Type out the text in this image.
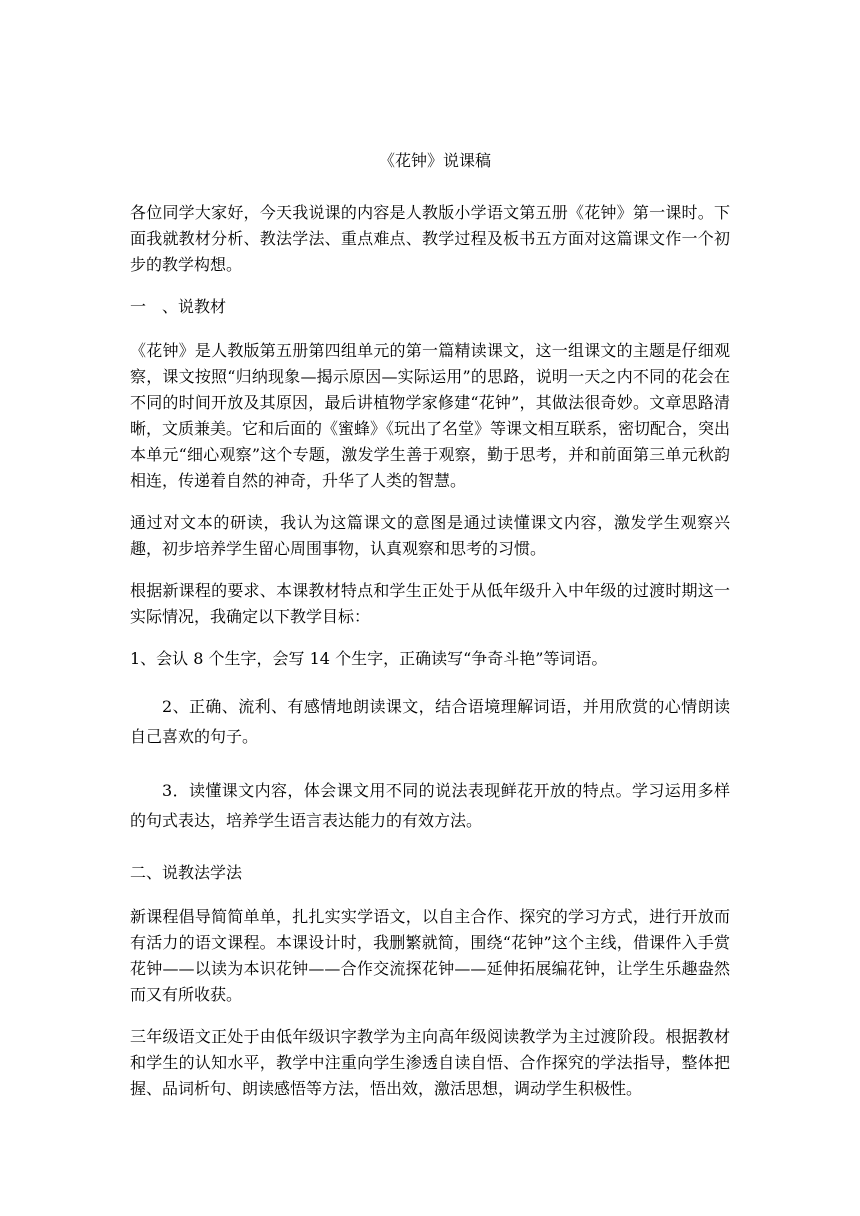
《花钟》说课稿

各位同学大家好，今天我说课的内容是人教版小学语文第五册《花钟》第一课时。下面我就教材分析、教法学法、重点难点、教学过程及板书五方面对这篇课文作一个初步的教学构想。

一　、说教材

《花钟》是人教版第五册第四组单元的第一篇精读课文，这一组课文的主题是仔细观察，课文按照“归纳现象—揭示原因—实际运用”的思路，说明一天之内不同的花会在不同的时间开放及其原因，最后讲植物学家修建“花钟”，其做法很奇妙。文章思路清晰，文质兼美。它和后面的《蜜蜂》《玩出了名堂》等课文相互联系，密切配合，突出本单元“细心观察”这个专题，激发学生善于观察，勤于思考，并和前面第三单元秋韵相连，传递着自然的神奇，升华了人类的智慧。

通过对文本的研读，我认为这篇课文的意图是通过读懂课文内容，激发学生观察兴趣，初步培养学生留心周围事物，认真观察和思考的习惯。

根据新课程的要求、本课教材特点和学生正处于从低年级升入中年级的过渡时期这一实际情况，我确定以下教学目标：

1、会认 8 个生字，会写 14 个生字，正确读写“争奇斗艳”等词语。

2、正确、流利、有感情地朗读课文，结合语境理解词语，并用欣赏的心情朗读自己喜欢的句子。

3．读懂课文内容，体会课文用不同的说法表现鲜花开放的特点。学习运用多样的句式表达，培养学生语言表达能力的有效方法。

二、说教法学法

新课程倡导简简单单，扎扎实实学语文，以自主合作、探究的学习方式，进行开放而有活力的语文课程。本课设计时，我删繁就简，围绕“花钟”这个主线，借课件入手赏花钟——以读为本识花钟——合作交流探花钟——延伸拓展编花钟，让学生乐趣盎然而又有所收获。

三年级语文正处于由低年级识字教学为主向高年级阅读教学为主过渡阶段。根据教材和学生的认知水平，教学中注重向学生渗透自读自悟、合作探究的学法指导，整体把握、品词析句、朗读感悟等方法，悟出效，激活思想，调动学生积极性。
